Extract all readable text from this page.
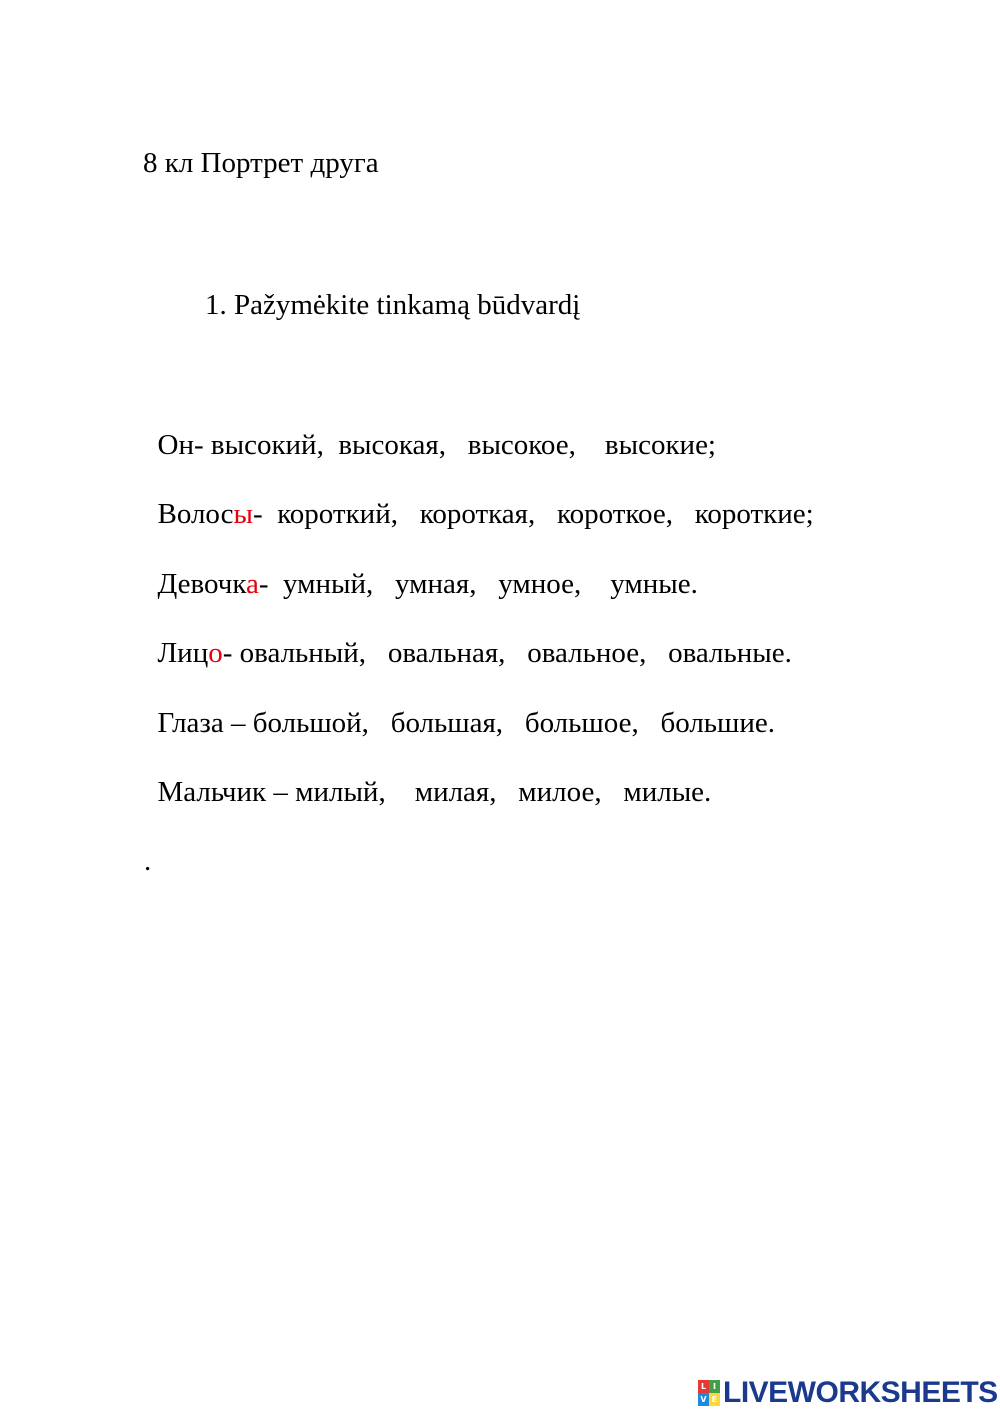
8 кл Портрет друга
1. Pažymėkite tinkamą būdvardį

Он- высокий, высокая, высокое, высокие;

Волосы-  короткий, короткая, короткое, короткие;

Девочка-  умный, умная, умное, умные.

Лицо- овальный, овальная, овальное, овальные.

Глаза – большой, большая, большое, большие.

Мальчик – милый, милая, милое, милые.

.
L I
V E LIVEWORKSHEETS
